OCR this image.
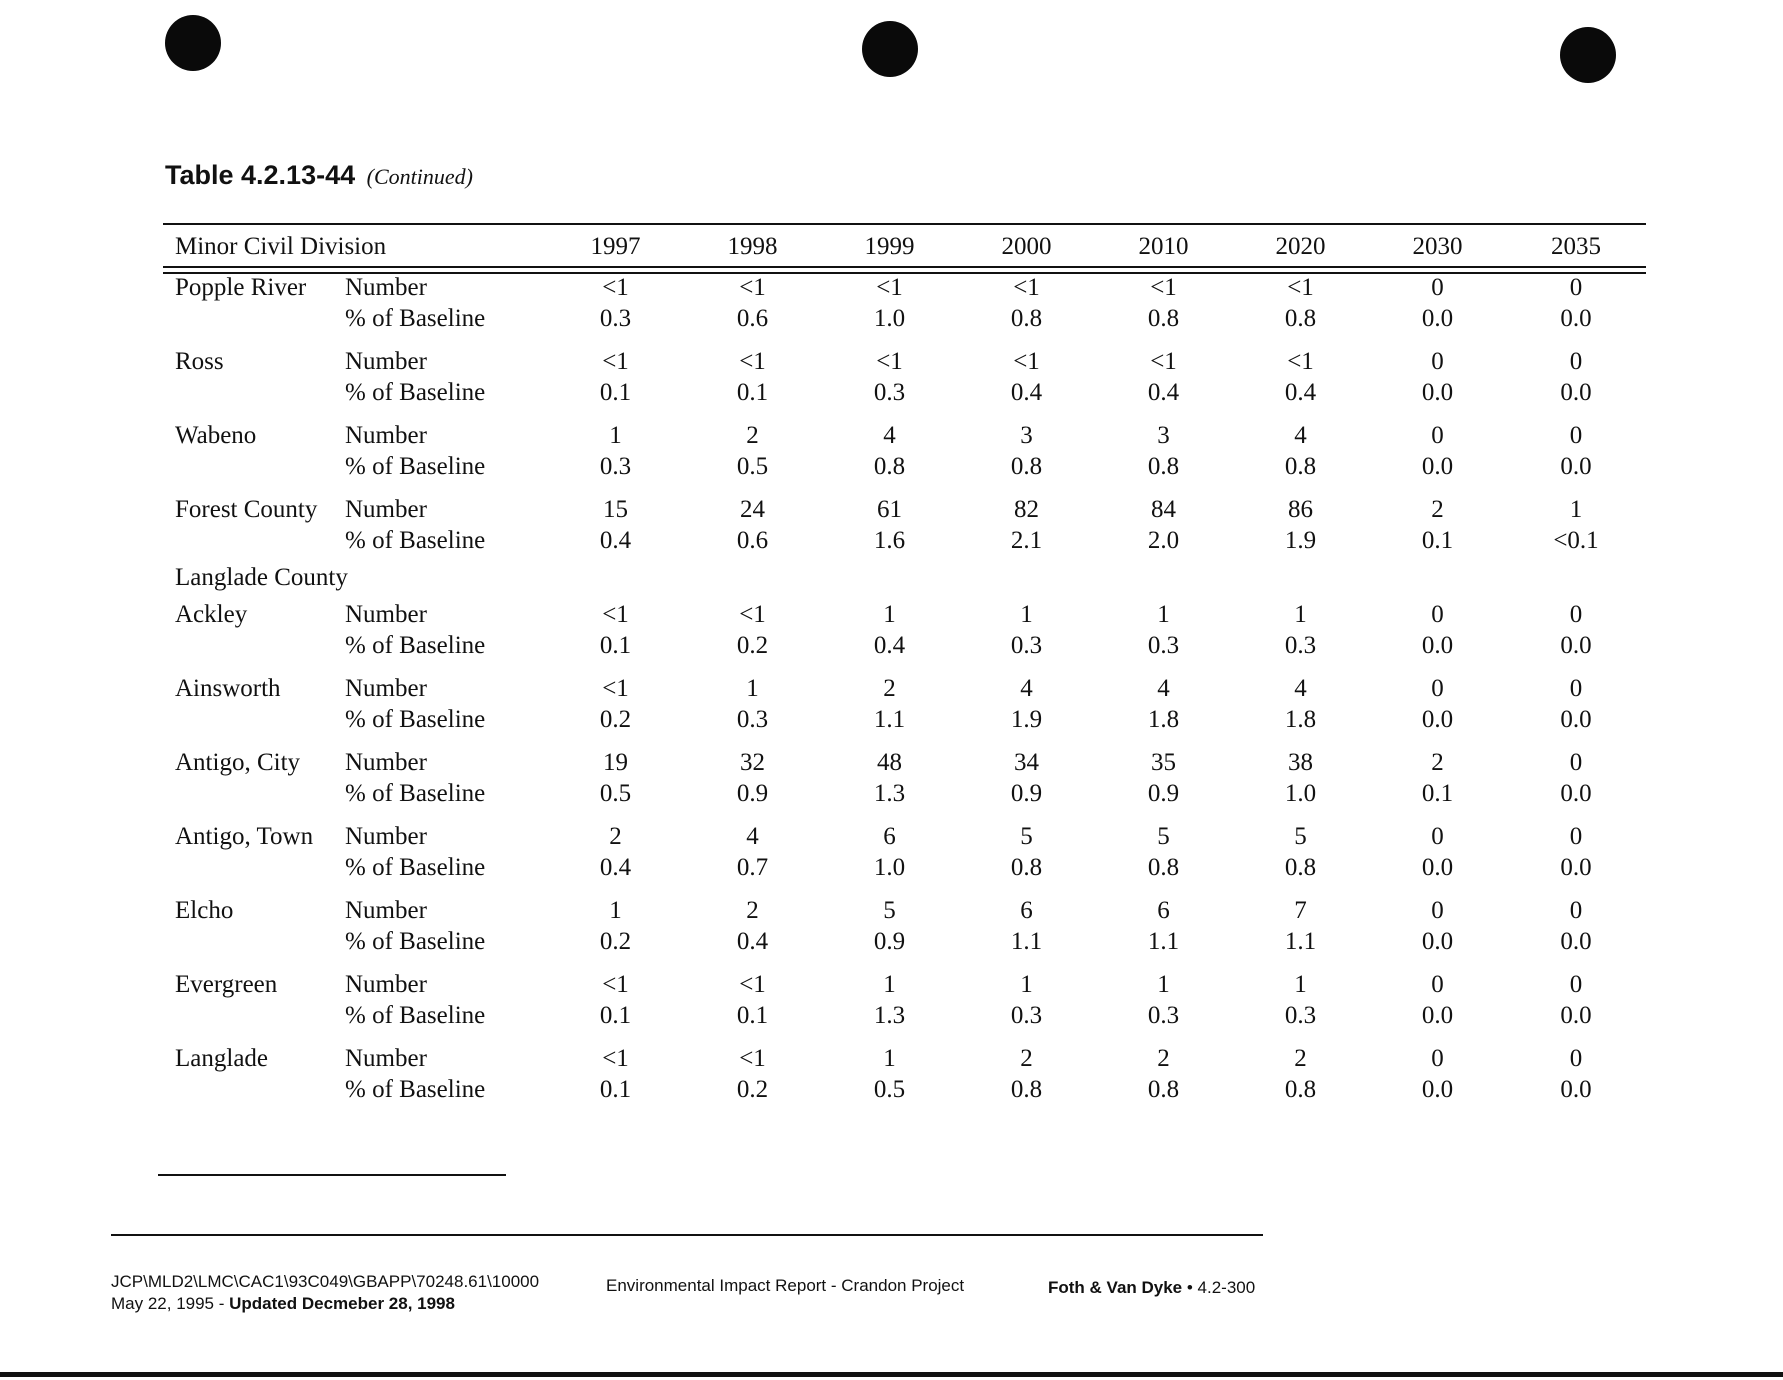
Table 4.2.13-44 (Continued)
Minor Civil Division		1997	1998	1999	2000	2010	2020	2030	2035
Popple River	Number	<1	<1	<1	<1	<1	<1	0	0
	% of Baseline	0.3	0.6	1.0	0.8	0.8	0.8	0.0	0.0
Ross	Number	<1	<1	<1	<1	<1	<1	0	0
	% of Baseline	0.1	0.1	0.3	0.4	0.4	0.4	0.0	0.0
Wabeno	Number	1	2	4	3	3	4	0	0
	% of Baseline	0.3	0.5	0.8	0.8	0.8	0.8	0.0	0.0
Forest County	Number	15	24	61	82	84	86	2	1
	% of Baseline	0.4	0.6	1.6	2.1	2.0	1.9	0.1	<0.1
Langlade County									
Ackley	Number	<1	<1	1	1	1	1	0	0
	% of Baseline	0.1	0.2	0.4	0.3	0.3	0.3	0.0	0.0
Ainsworth	Number	<1	1	2	4	4	4	0	0
	% of Baseline	0.2	0.3	1.1	1.9	1.8	1.8	0.0	0.0
Antigo, City	Number	19	32	48	34	35	38	2	0
	% of Baseline	0.5	0.9	1.3	0.9	0.9	1.0	0.1	0.0
Antigo, Town	Number	2	4	6	5	5	5	0	0
	% of Baseline	0.4	0.7	1.0	0.8	0.8	0.8	0.0	0.0
Elcho	Number	1	2	5	6	6	7	0	0
	% of Baseline	0.2	0.4	0.9	1.1	1.1	1.1	0.0	0.0
Evergreen	Number	<1	<1	1	1	1	1	0	0
	% of Baseline	0.1	0.1	1.3	0.3	0.3	0.3	0.0	0.0
Langlade	Number	<1	<1	1	2	2	2	0	0
	% of Baseline	0.1	0.2	0.5	0.8	0.8	0.8	0.0	0.0
JCP\MLD2\LMC\CAC1\93C049\GBAPP\70248.61\10000
May 22, 1995 - Updated Decmeber 28, 1998
Environmental Impact Report - Crandon Project	Foth & Van Dyke • 4.2-300
